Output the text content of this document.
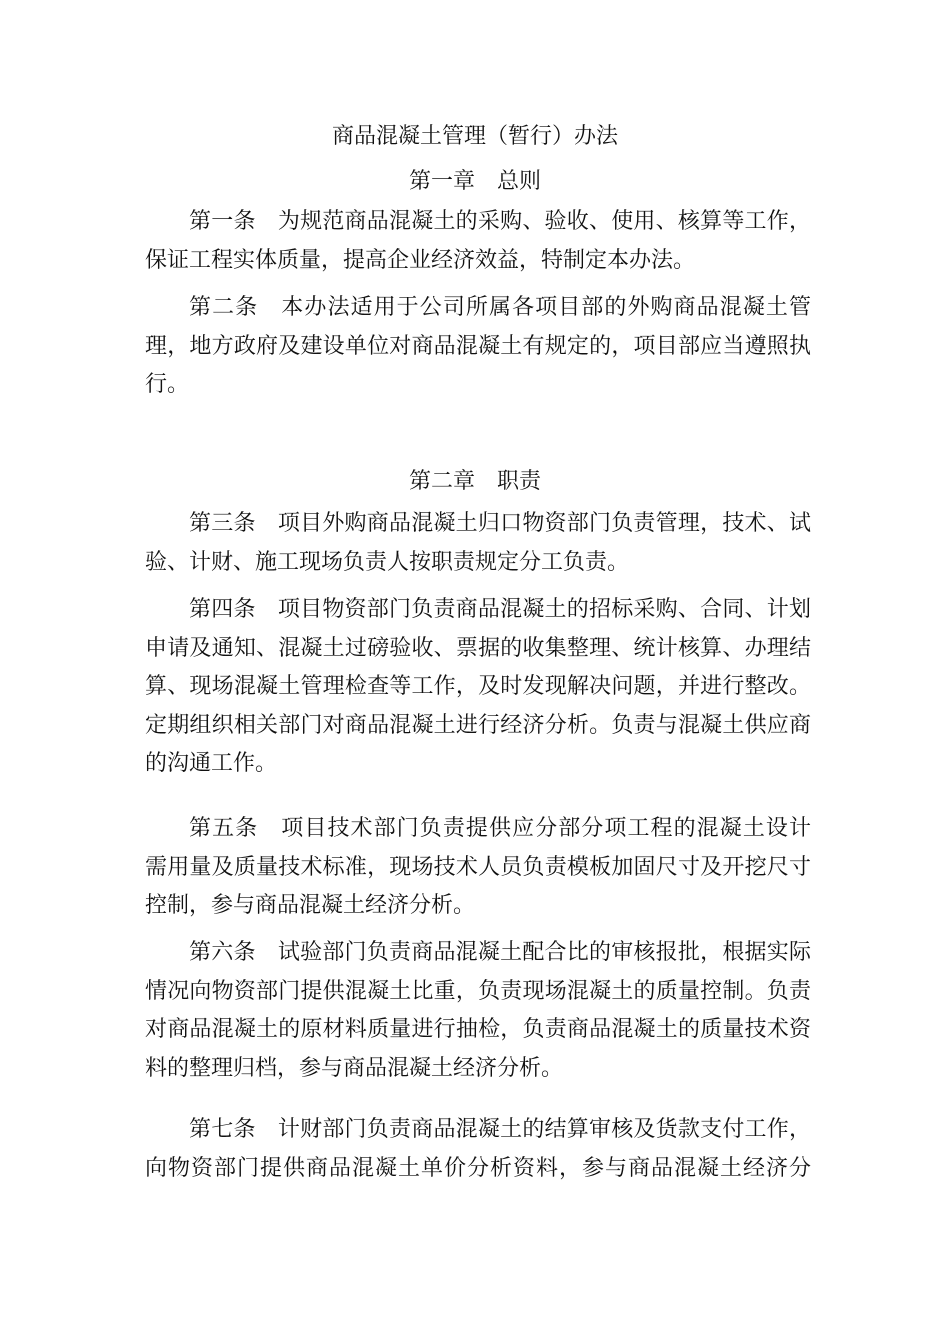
商品混凝土管理（暂行）办法
第一章　总则
第一条　为规范商品混凝土的采购、验收、使用、核算等工作，
保证工程实体质量，提高企业经济效益，特制定本办法。
第二条　本办法适用于公司所属各项目部的外购商品混凝土管
理，地方政府及建设单位对商品混凝土有规定的，项目部应当遵照执
行。
第二章　职责
第三条　项目外购商品混凝土归口物资部门负责管理，技术、试
验、计财、施工现场负责人按职责规定分工负责。
第四条　项目物资部门负责商品混凝土的招标采购、合同、计划
申请及通知、混凝土过磅验收、票据的收集整理、统计核算、办理结
算、现场混凝土管理检查等工作，及时发现解决问题，并进行整改。
定期组织相关部门对商品混凝土进行经济分析。负责与混凝土供应商
的沟通工作。
第五条　项目技术部门负责提供应分部分项工程的混凝土设计
需用量及质量技术标准，现场技术人员负责模板加固尺寸及开挖尺寸
控制，参与商品混凝土经济分析。
第六条　试验部门负责商品混凝土配合比的审核报批，根据实际
情况向物资部门提供混凝土比重，负责现场混凝土的质量控制。负责
对商品混凝土的原材料质量进行抽检，负责商品混凝土的质量技术资
料的整理归档，参与商品混凝土经济分析。
第七条　计财部门负责商品混凝土的结算审核及货款支付工作，
向物资部门提供商品混凝土单价分析资料，参与商品混凝土经济分
